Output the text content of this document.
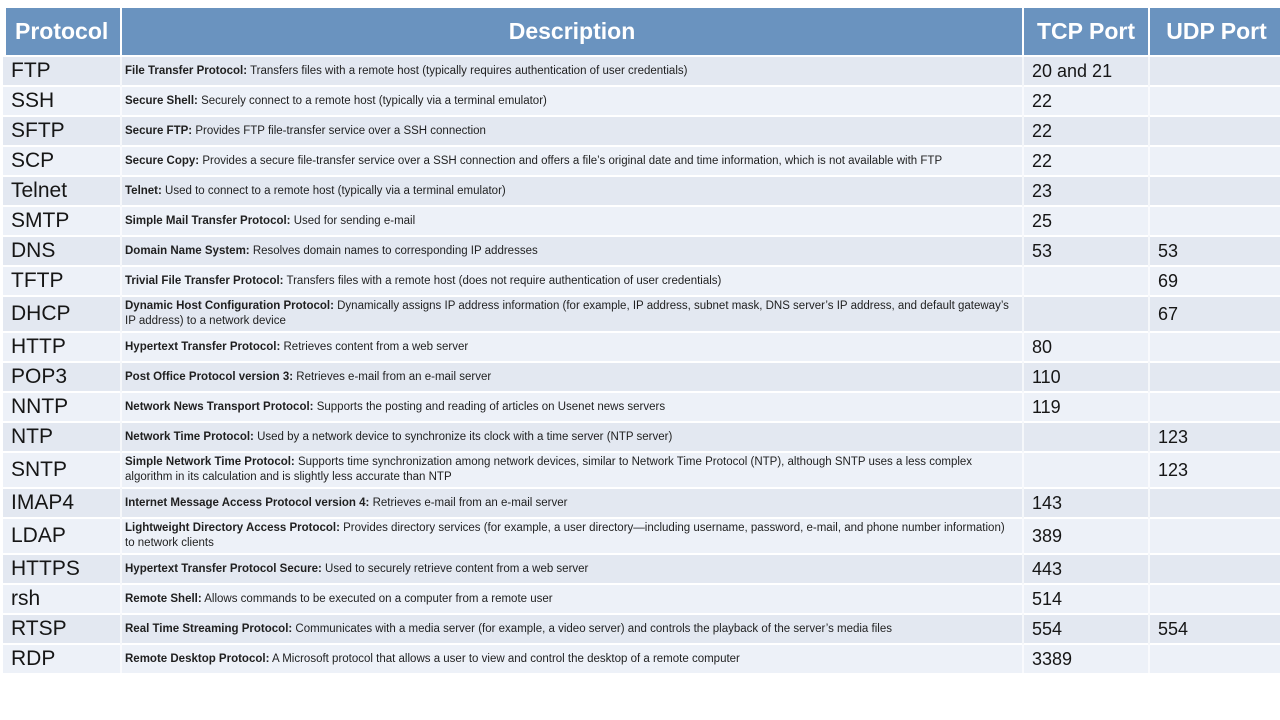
Protocol	Description	TCP Port	UDP Port
FTP	File Transfer Protocol: Transfers files with a remote host (typically requires authentication of user credentials)	20 and 21	
SSH	Secure Shell: Securely connect to a remote host (typically via a terminal emulator)	22	
SFTP	Secure FTP: Provides FTP file-transfer service over a SSH connection	22	
SCP	Secure Copy: Provides a secure file-transfer service over a SSH connection and offers a file’s original date and time information, which is not available with FTP	22	
Telnet	Telnet: Used to connect to a remote host (typically via a terminal emulator)	23	
SMTP	Simple Mail Transfer Protocol: Used for sending e-mail	25	
DNS	Domain Name System: Resolves domain names to corresponding IP addresses	53	53
TFTP	Trivial File Transfer Protocol: Transfers files with a remote host (does not require authentication of user credentials)		69
DHCP	Dynamic Host Configuration Protocol: Dynamically assigns IP address information (for example, IP address, subnet mask, DNS server’s IP address, and default gateway’s IP address) to a network device		67
HTTP	Hypertext Transfer Protocol: Retrieves content from a web server	80	
POP3	Post Office Protocol version 3: Retrieves e-mail from an e-mail server	110	
NNTP	Network News Transport Protocol: Supports the posting and reading of articles on Usenet news servers	119	
NTP	Network Time Protocol: Used by a network device to synchronize its clock with a time server (NTP server)		123
SNTP	Simple Network Time Protocol: Supports time synchronization among network devices, similar to Network Time Protocol (NTP), although SNTP uses a less complex algorithm in its calculation and is slightly less accurate than NTP		123
IMAP4	Internet Message Access Protocol version 4: Retrieves e-mail from an e-mail server	143	
LDAP	Lightweight Directory Access Protocol: Provides directory services (for example, a user directory—including username, password, e-mail, and phone number information) to network clients	389	
HTTPS	Hypertext Transfer Protocol Secure: Used to securely retrieve content from a web server	443	
rsh	Remote Shell: Allows commands to be executed on a computer from a remote user	514	
RTSP	Real Time Streaming Protocol: Communicates with a media server (for example, a video server) and controls the playback of the server’s media files	554	554
RDP	Remote Desktop Protocol: A Microsoft protocol that allows a user to view and control the desktop of a remote computer	3389	
